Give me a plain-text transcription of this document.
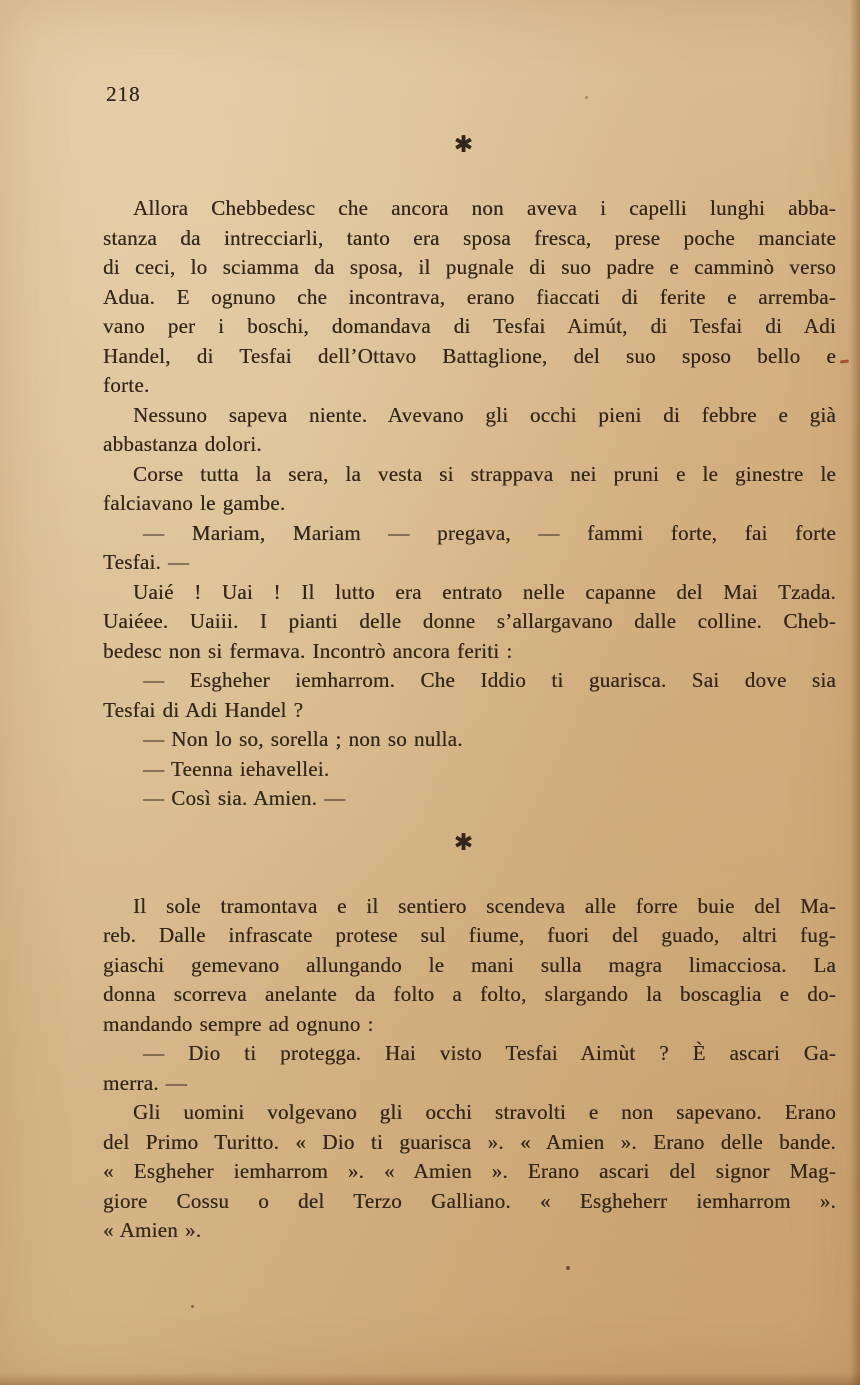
218
✱
Allora Chebbedesc che ancora non aveva i capelli lunghi abba-
stanza da intrecciarli, tanto era sposa fresca, prese poche manciate
di ceci, lo sciamma da sposa, il pugnale di suo padre e camminò verso
Adua. E ognuno che incontrava, erano fiaccati di ferite e arremba-
vano per i boschi, domandava di Tesfai Aimút, di Tesfai di Adi
Handel, di Tesfai dell’Ottavo Battaglione, del suo sposo bello e
forte.
Nessuno sapeva niente. Avevano gli occhi pieni di febbre e già
abbastanza dolori.
Corse tutta la sera, la vesta si strappava nei pruni e le ginestre le
falciavano le gambe.
— Mariam, Mariam — pregava, — fammi forte, fai forte
Tesfai. —
Uaié ! Uai ! Il lutto era entrato nelle capanne del Mai Tzada.
Uaiéee. Uaiii. I pianti delle donne s’allargavano dalle colline. Cheb-
bedesc non si fermava. Incontrò ancora feriti :
— Esgheher iemharrom. Che Iddio ti guarisca. Sai dove sia
Tesfai di Adi Handel ?
— Non lo so, sorella ; non so nulla.
— Teenna iehavellei.
— Così sia. Amien. —
✱
Il sole tramontava e il sentiero scendeva alle forre buie del Ma-
reb. Dalle infrascate protese sul fiume, fuori del guado, altri fug-
giaschi gemevano allungando le mani sulla magra limacciosa. La
donna scorreva anelante da folto a folto, slargando la boscaglia e do-
mandando sempre ad ognuno :
— Dio ti protegga. Hai visto Tesfai Aimùt ? È ascari Ga-
merra. —
Gli uomini volgevano gli occhi stravolti e non sapevano. Erano
del Primo Turitto. « Dio ti guarisca ». « Amien ». Erano delle bande.
« Esgheher iemharrom ». « Amien ». Erano ascari del signor Mag-
giore Cossu o del Terzo Galliano. « Esgheherr iemharrom ».
« Amien ».
